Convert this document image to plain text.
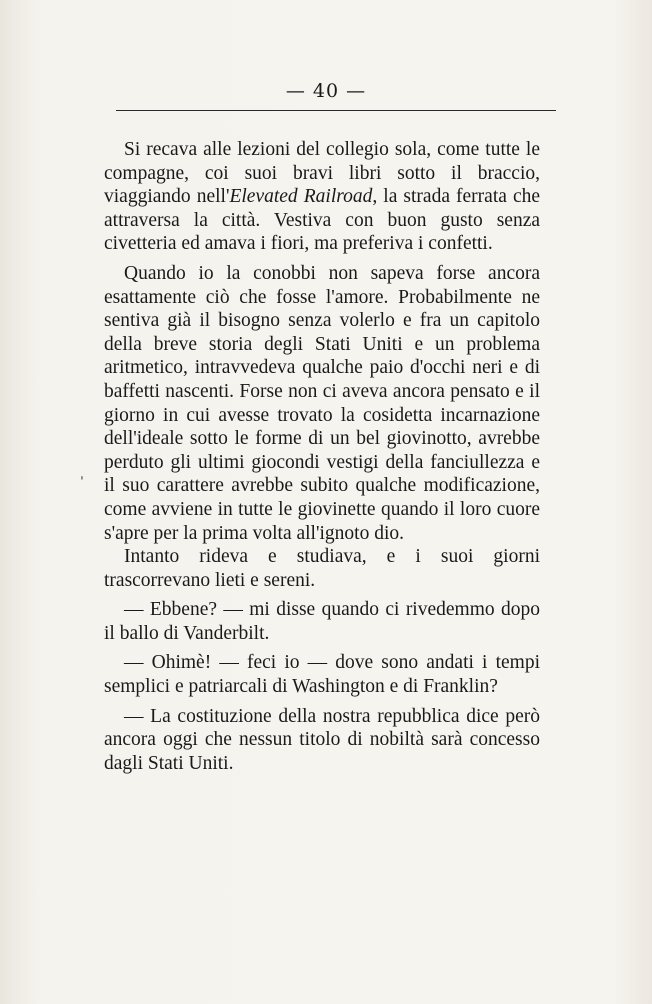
— 40 —
ˌ

Si recava alle lezioni del collegio sola, come tutte le compagne, coi suoi bravi libri sotto il braccio, viaggiando nell'Elevated Railroad, la strada ferrata che attraversa la città. Vestiva con buon gusto senza civetteria ed amava i fiori, ma preferiva i confetti.

Quando io la conobbi non sapeva forse ancora esattamente ciò che fosse l'amore. Probabilmente ne sentiva già il bisogno senza volerlo e fra un capitolo della breve storia degli Stati Uniti e un problema aritmetico, intravvedeva qualche paio d'occhi neri e di baffetti nascenti. Forse non ci aveva ancora pensato e il giorno in cui avesse trovato la cosidetta incarnazione dell'ideale sotto le forme di un bel giovinotto, avrebbe perduto gli ultimi giocondi vestigi della fanciullezza e il suo carattere avrebbe subito qualche modificazione, come avviene in tutte le giovinette quando il loro cuore s'apre per la prima volta all'ignoto dio.

Intanto rideva e studiava, e i suoi giorni trascorrevano lieti e sereni.

— Ebbene? — mi disse quando ci rivedemmo dopo il ballo di Vanderbilt.

— Ohimè! — feci io — dove sono andati i tempi semplici e patriarcali di Washington e di Franklin?

— La costituzione della nostra repubblica dice però ancora oggi che nessun titolo di nobiltà sarà concesso dagli Stati Uniti.
